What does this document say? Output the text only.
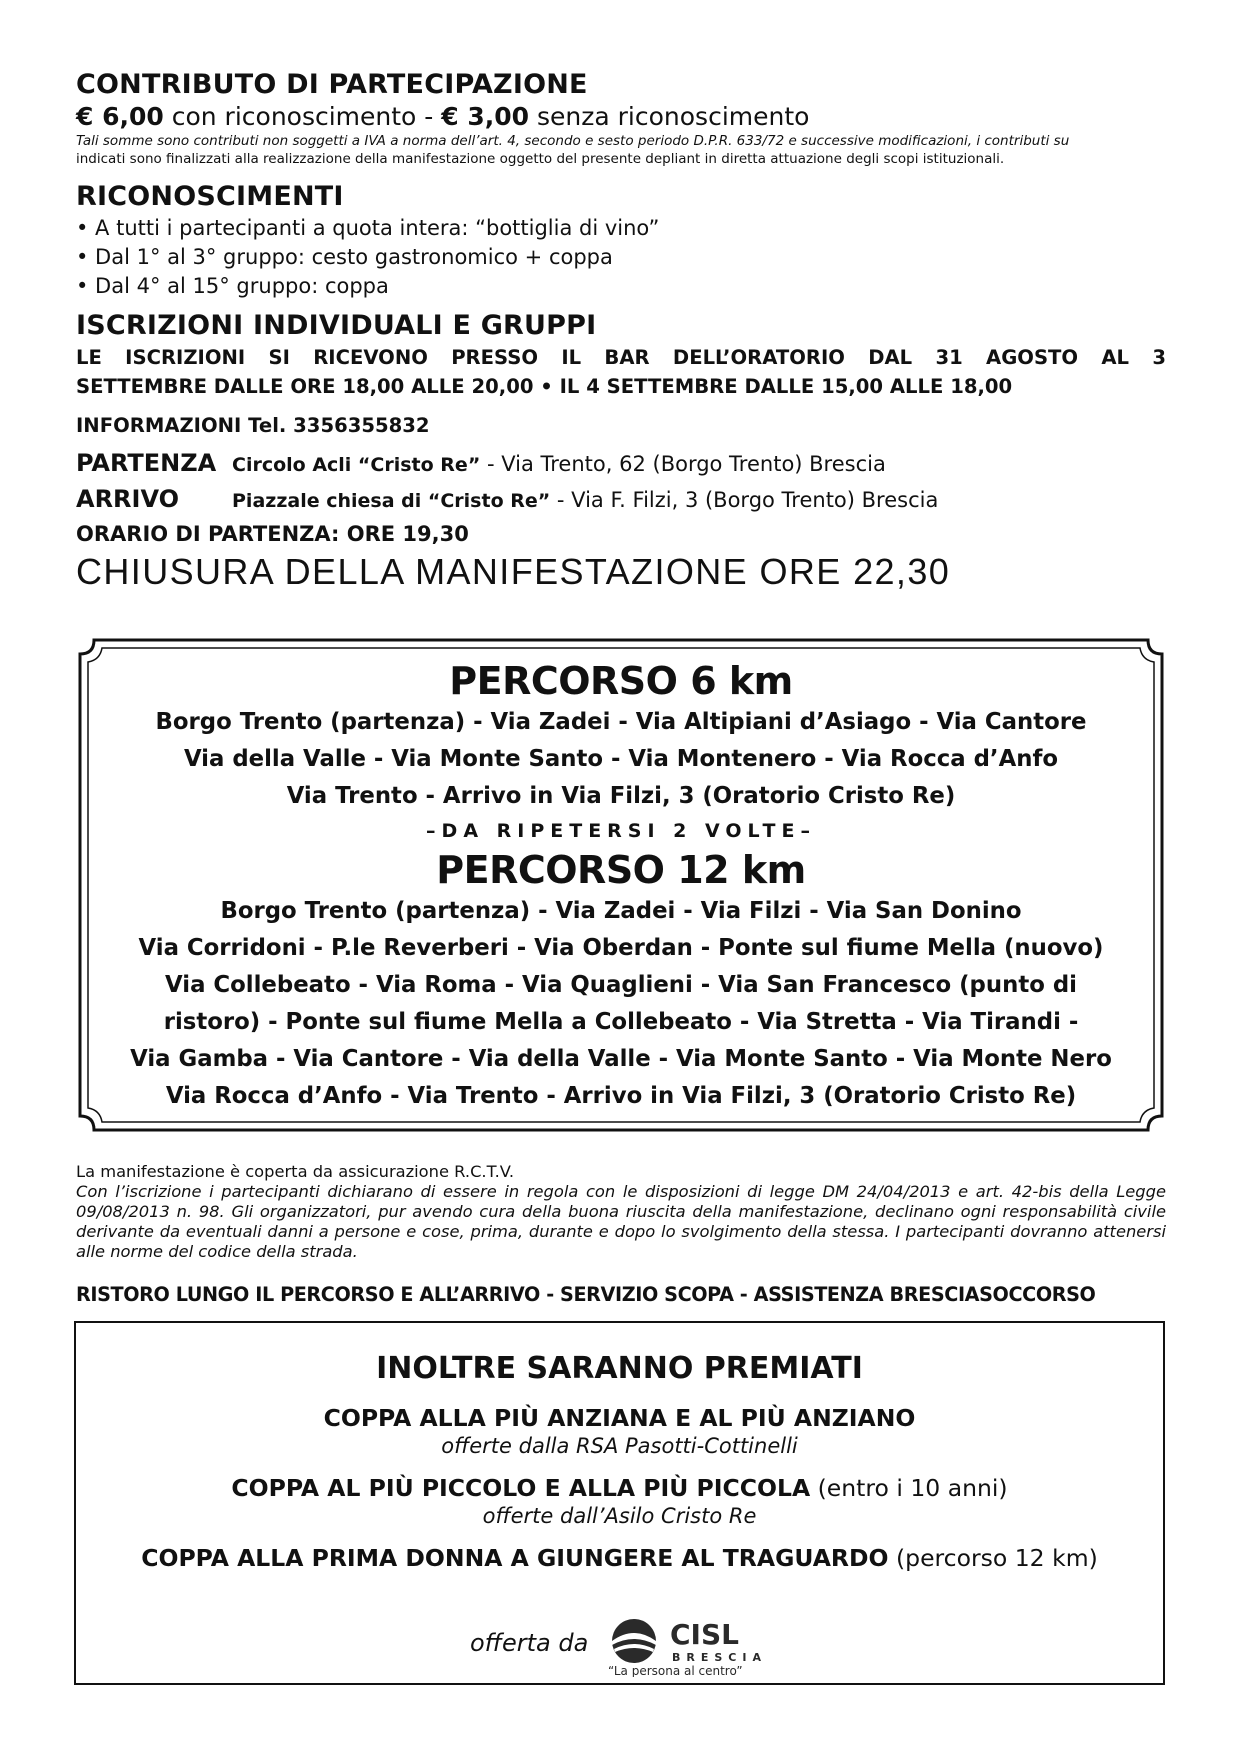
CONTRIBUTO DI PARTECIPAZIONE

€ 6,00 con riconoscimento - € 3,00 senza riconoscimento

Tali somme sono contributi non soggetti a IVA a norma dell’art. 4, secondo e sesto periodo D.P.R. 633/72 e successive modificazioni, i contributi su

indicati sono finalizzati alla realizzazione della manifestazione oggetto del presente depliant in diretta attuazione degli scopi istituzionali.

RICONOSCIMENTI

• A tutti i partecipanti a quota intera: “bottiglia di vino”

• Dal 1° al 3° gruppo: cesto gastronomico + coppa

• Dal 4° al 15° gruppo: coppa

ISCRIZIONI INDIVIDUALI E GRUPPI

LE ISCRIZIONI SI RICEVONO PRESSO IL BAR DELL’ORATORIO DAL 31 AGOSTO AL 3

SETTEMBRE DALLE ORE 18,00 ALLE 20,00 • IL 4 SETTEMBRE DALLE 15,00 ALLE 18,00

INFORMAZIONI Tel. 3356355832

PARTENZA Circolo Acli “Cristo Re” - Via Trento, 62 (Borgo Trento) Brescia

ARRIVO	Piazzale chiesa di “Cristo Re” - Via F. Filzi, 3 (Borgo Trento) Brescia

ORARIO DI PARTENZA: ORE 19,30

CHIUSURA DELLA MANIFESTAZIONE ORE 22,30

PERCORSO 6 km

Borgo Trento (partenza) - Via Zadei - Via Altipiani d’Asiago - Via Cantore

Via della Valle - Via Monte Santo - Via Montenero - Via Rocca d’Anfo

Via Trento - Arrivo in Via Filzi, 3 (Oratorio Cristo Re)

–DA RIPETERSI 2 VOLTE–

PERCORSO 12 km

Borgo Trento (partenza) - Via Zadei - Via Filzi - Via San Donino

Via Corridoni - P.le Reverberi - Via Oberdan - Ponte sul fiume Mella (nuovo)

Via Collebeato - Via Roma - Via Quaglieni - Via San Francesco (punto di

ristoro) - Ponte sul fiume Mella a Collebeato - Via Stretta - Via Tirandi -

Via Gamba - Via Cantore - Via della Valle - Via Monte Santo - Via Monte Nero

Via Rocca d’Anfo - Via Trento - Arrivo in Via Filzi, 3 (Oratorio Cristo Re)

La manifestazione è coperta da assicurazione R.C.T.V.

Con l’iscrizione i partecipanti dichiarano di essere in regola con le disposizioni di legge DM 24/04/2013 e art. 42-bis della Legge 09/08/2013 n. 98. Gli organizzatori, pur avendo cura della buona riuscita della manifestazione, declinano ogni responsabilità civile derivante da eventuali danni a persone e cose, prima, durante e dopo lo svolgimento della stessa. I partecipanti dovranno attenersi alle norme del codice della strada.

RISTORO LUNGO IL PERCORSO E ALL’ARRIVO - SERVIZIO SCOPA - ASSISTENZA BRESCIASOCCORSO
INOLTRE SARANNO PREMIATI

COPPA ALLA PIÙ ANZIANA E AL PIÙ ANZIANO

offerte dalla RSA Pasotti-Cottinelli

COPPA AL PIÙ PICCOLO E ALLA PIÙ PICCOLA (entro i 10 anni)

offerte dall’Asilo Cristo Re

COPPA ALLA PRIMA DONNA A GIUNGERE AL TRAGUARDO (percorso 12 km)

offerta da	CISL
BRESCIA
“La persona al centro”
